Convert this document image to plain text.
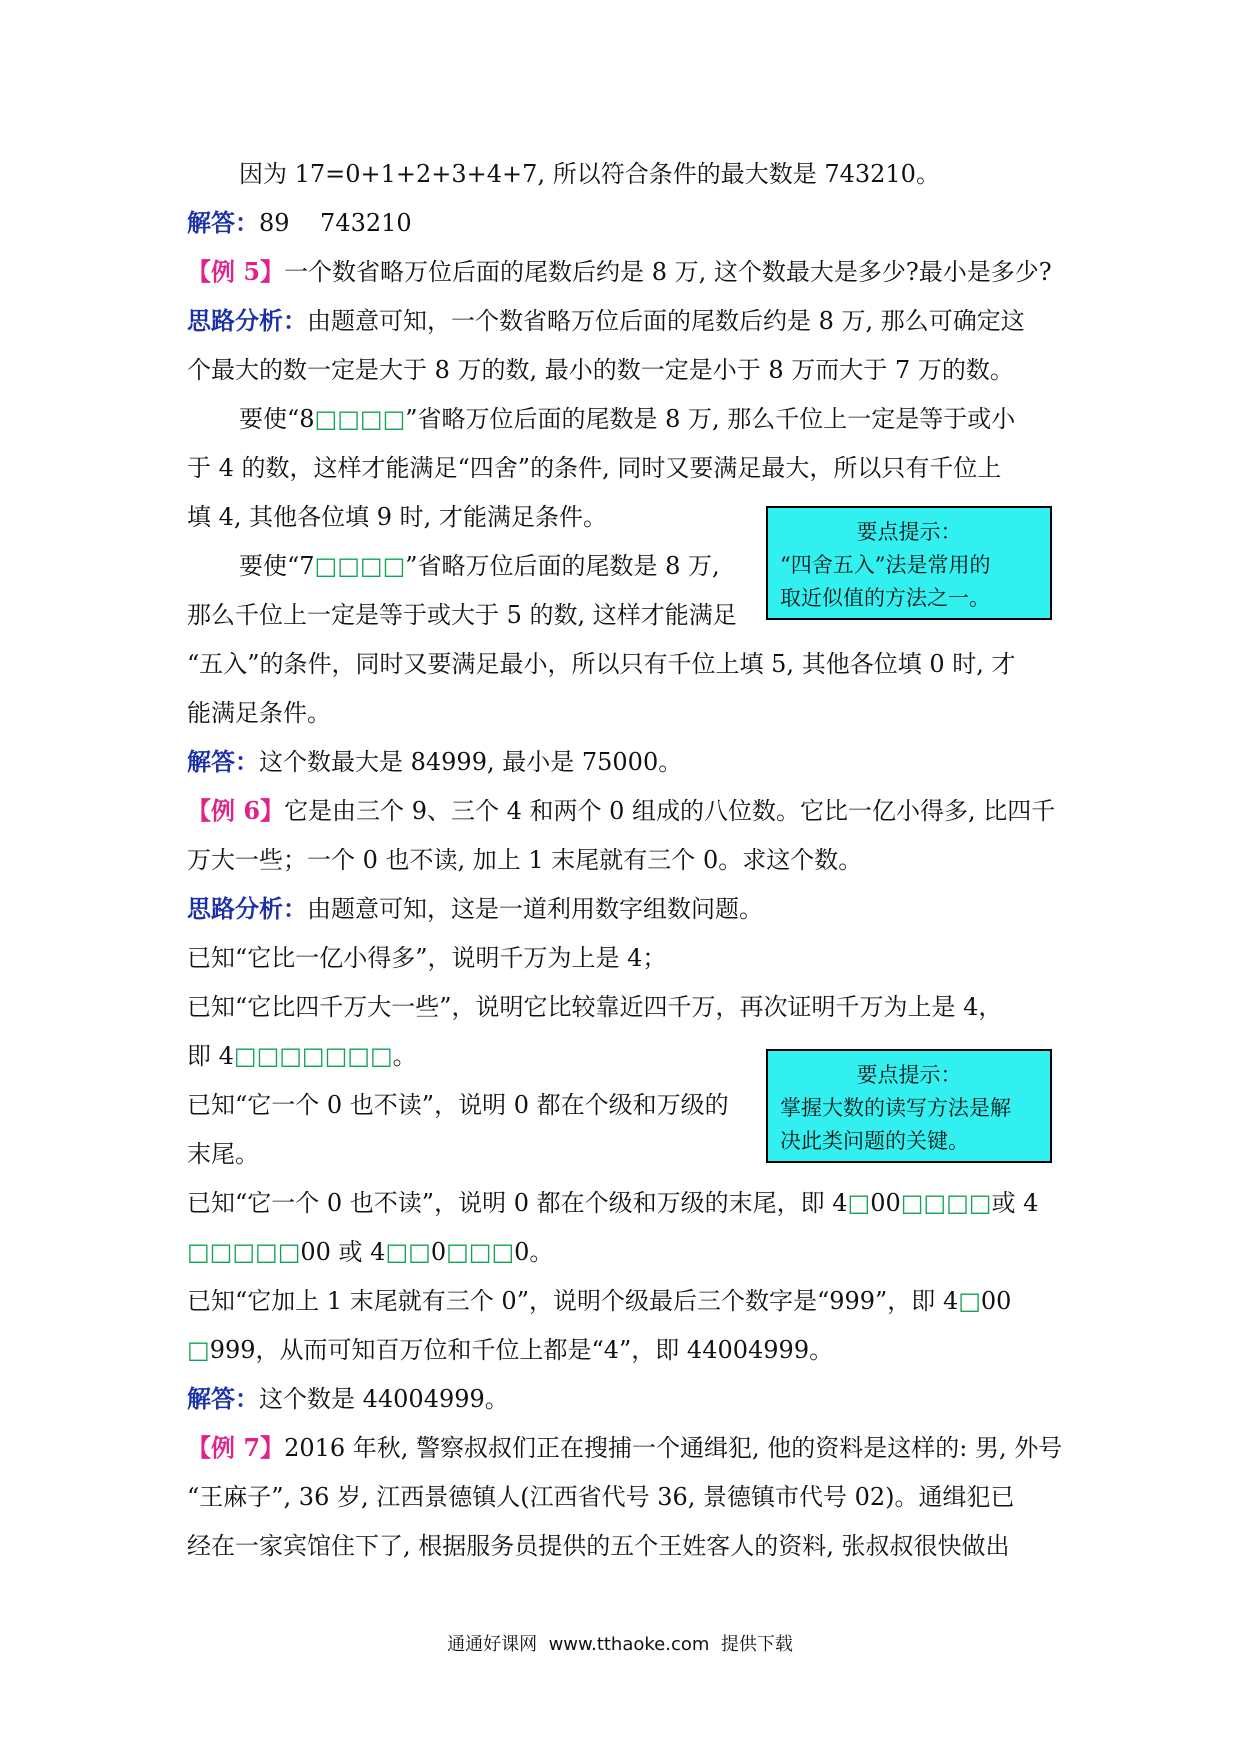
因为 17=0+1+2+3+4+7, 所以符合条件的最大数是 743210。
解答：89    743210
【例 5】一个数省略万位后面的尾数后约是 8 万, 这个数最大是多少?最小是多少?
思路分析：由题意可知，一个数省略万位后面的尾数后约是 8 万, 那么可确定这
个最大的数一定是大于 8 万的数, 最小的数一定是小于 8 万而大于 7 万的数。
要使“8□□□□”省略万位后面的尾数是 8 万, 那么千位上一定是等于或小
于 4 的数，这样才能满足“四舍”的条件, 同时又要满足最大，所以只有千位上
填 4, 其他各位填 9 时, 才能满足条件。
要点提示：
“四舍五入”法是常用的
取近似值的方法之一。
要使“7□□□□”省略万位后面的尾数是 8 万,
那么千位上一定是等于或大于 5 的数, 这样才能满足
“五入”的条件，同时又要满足最小，所以只有千位上填 5, 其他各位填 0 时, 才
能满足条件。
解答：这个数最大是 84999, 最小是 75000。
【例 6】它是由三个 9、三个 4 和两个 0 组成的八位数。它比一亿小得多, 比四千
万大一些；一个 0 也不读, 加上 1 末尾就有三个 0。求这个数。
思路分析：由题意可知，这是一道利用数字组数问题。
已知“它比一亿小得多”，说明千万为上是 4；
已知“它比四千万大一些”，说明它比较靠近四千万，再次证明千万为上是 4，
即 4□□□□□□□。
要点提示：
掌握大数的读写方法是解
决此类问题的关键。
已知“它一个 0 也不读”，说明 0 都在个级和万级的
末尾。
已知“它一个 0 也不读”，说明 0 都在个级和万级的末尾，即 4□00□□□□或 4
□□□□□00 或 4□□0□□□0。
已知“它加上 1 末尾就有三个 0”，说明个级最后三个数字是“999”，即 4□00
□999，从而可知百万位和千位上都是“4”，即 44004999。
解答：这个数是 44004999。
【例 7】2016 年秋, 警察叔叔们正在搜捕一个通缉犯, 他的资料是这样的: 男, 外号
“王麻子”, 36 岁, 江西景德镇人(江西省代号 36, 景德镇市代号 02)。通缉犯已
经在一家宾馆住下了, 根据服务员提供的五个王姓客人的资料, 张叔叔很快做出
通通好课网  www.tthaoke.com  提供下载
